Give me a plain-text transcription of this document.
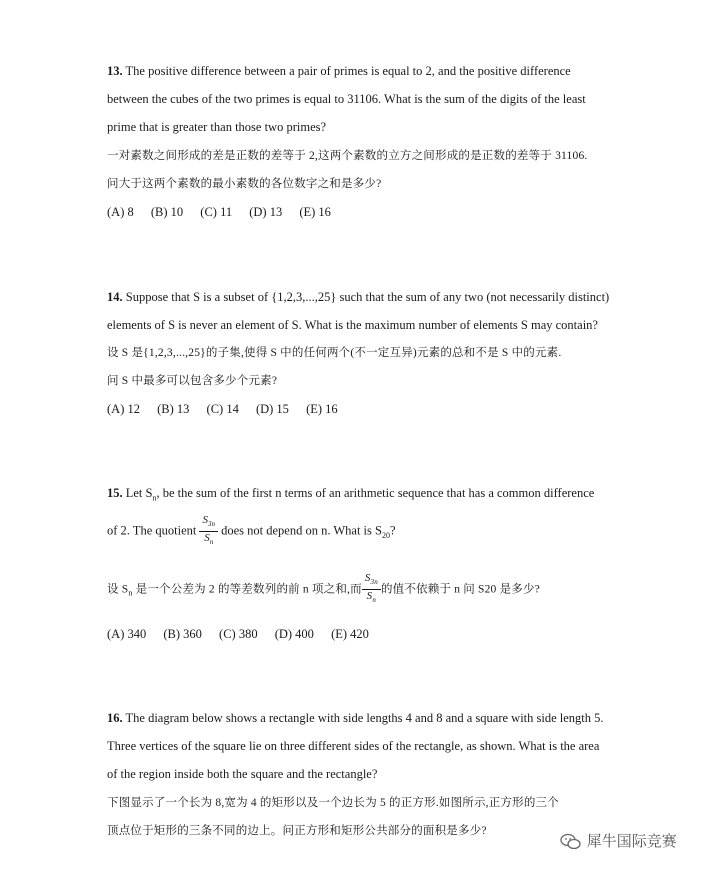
13. The positive difference between a pair of primes is equal to 2, and the positive difference
between the cubes of the two primes is equal to 31106. What is the sum of the digits of the least
prime that is greater than those two primes?
一对素数之间形成的差是正数的差等于 2,这两个素数的立方之间形成的是正数的差等于 31106.
问大于这两个素数的最小素数的各位数字之和是多少?
(A) 8 (B) 10 (C) 11 (D) 13 (E) 16
14. Suppose that S is a subset of {1,2,3,...,25} such that the sum of any two (not necessarily distinct)
elements of S is never an element of S. What is the maximum number of elements S may contain?
设 S 是{1,2,3,...,25}的子集,使得 S 中的任何两个(不一定互异)元素的总和不是 S 中的元素.
问 S 中最多可以包含多少个元素?
(A) 12 (B) 13 (C) 14 (D) 15 (E) 16
15. Let $S_n$, be the sum of the first n terms of an arithmetic sequence that has a common difference
of 2. The quotient $\frac{S_{3n}}{S_n}$ does not depend on n. What is $S_{20}$?
设 $S_n$ 是一个公差为 2 的等差数列的前 n 项之和,而 $\frac{S_{3n}}{S_n}$ 的值不依赖于 n 问 S20 是多少?
(A) 340 (B) 360 (C) 380 (D) 400 (E) 420
16. The diagram below shows a rectangle with side lengths 4 and 8 and a square with side length 5.
Three vertices of the square lie on three different sides of the rectangle, as shown. What is the area
of the region inside both the square and the rectangle?
下图显示了一个长为 8,宽为 4 的矩形以及一个边长为 5 的正方形.如图所示,正方形的三个
顶点位于矩形的三条不同的边上。问正方形和矩形公共部分的面积是多少?
犀牛国际竞赛
